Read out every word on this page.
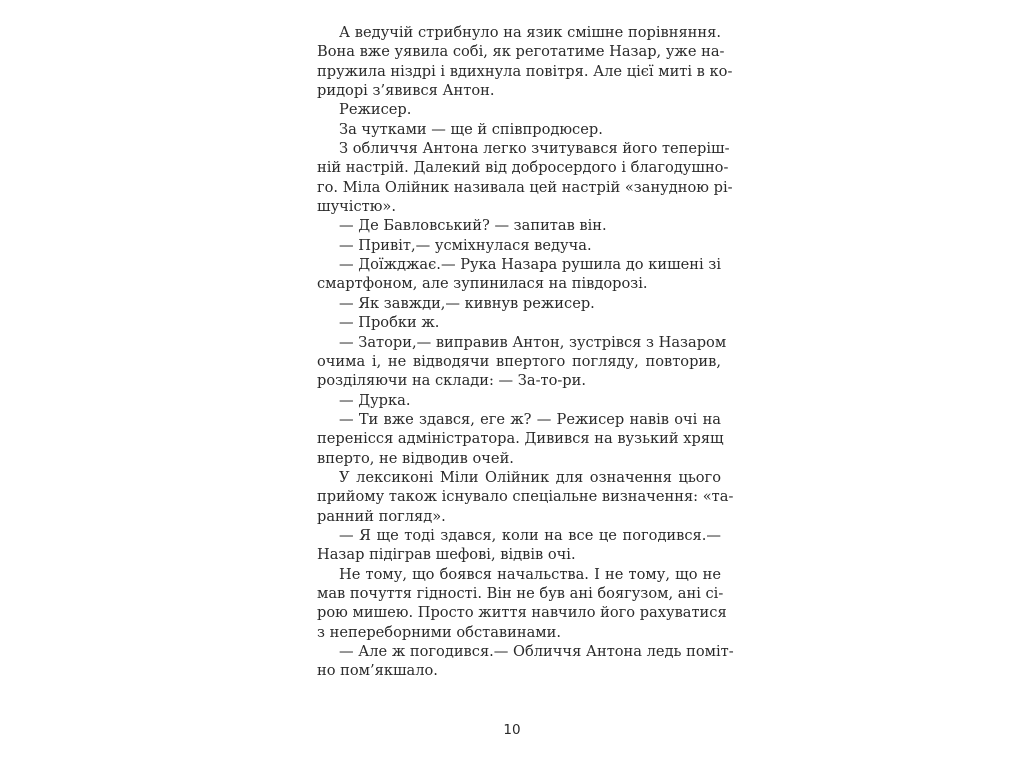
А ведучій стрибнуло на язик смішне порівняння.
Вона вже уявила собі, як реготатиме Назар, уже на-
пружила ніздрі і вдихнула повітря. Але цієї миті в ко-
ридорі з’явився Антон.
Режисер.
За чутками — ще й співпродюсер.
З обличчя Антона легко зчитувався його теперіш-
ній настрій. Далекий від добросердого і благодушно-
го. Міла Олійник називала цей настрій «занудною рі-
шучістю».
— Де Бавловський? — запитав він.
— Привіт,— усміхнулася ведуча.
— Доїжджає.— Рука Назара рушила до кишені зі
смартфоном, але зупинилася на півдорозі.
— Як завжди,— кивнув режисер.
— Пробки ж.
— Затори,— виправив Антон, зустрівся з Назаром
очима і, не відводячи впертого погляду, повторив,
розділяючи на склади: — За-то-ри.
— Дурка.
— Ти вже здався, еге ж? — Режисер навів очі на
перенісся адміністратора. Дивився на вузький хрящ
вперто, не відводив очей.
У лексиконі Міли Олійник для означення цього
прийому також існувало спеціальне визначення: «та-
ранний погляд».
— Я ще тоді здався, коли на все це погодився.—
Назар підіграв шефові, відвів очі.
Не тому, що боявся начальства. І не тому, що не
мав почуття гідності. Він не був ані боягузом, ані сі-
рою мишею. Просто життя навчило його рахуватися
з непереборними обставинами.
— Але ж погодився.— Обличчя Антона ледь поміт-
но пом’якшало.
10
